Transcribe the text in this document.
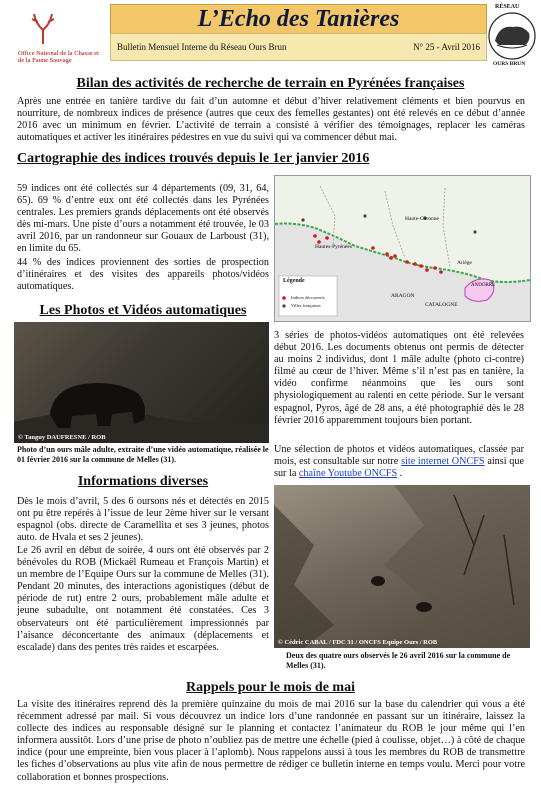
Office National de la Chasse et de la Faune Sauvage
L’Echo des Tanières
Bulletin Mensuel Interne du Réseau Ours Brun	N° 25 - Avril 2016
RÉSEAU
OURS BRUN
Bilan des activités de recherche de terrain en Pyrénées françaises
Après une entrée en tanière tardive du fait d’un automne et début d’hiver relativement cléments et bien pourvus en nourriture, de nombreux indices de présence (autres que ceux des femelles gestantes) ont été relevés en ce début d’année 2016 avec un minimum en février. L’activité de terrain a consisté à vérifier des témoignages, replacer les caméras automatiques et activer les itinéraires pédestres en vue du suivi qui va commencer début mai.
Cartographie des indices trouvés depuis le 1er janvier 2016
59 indices ont été collectés sur 4 départements (09, 31, 64, 65). 69 % d’entre eux ont été collectés dans les Pyrénées centrales. Les premiers grands déplacements ont été observés dès mi-mars. Une piste d’ours a notamment été trouvée, le 03 avril 2016, par un randonneur sur Gouaux de Larboust (31), en limite du 65.
44 % des indices proviennent des sorties de prospection d’itinéraires et des visites des appareils photos/vidéos automatiques.
Hautes-Pyrénées
Haute-Garonne
Ariège
ARAGON
CATALOGNE
ANDORRE
Légende
Indices découverts
Villes françaises
Les Photos et Vidéos automatiques
© Tanguy DAUFRESNE / ROB
Photo d’un ours mâle adulte, extraite d’une vidéo automatique, réalisée le 01 février 2016 sur la commune de Melles (31).
3 séries de photos-vidéos automatiques ont été relevées début 2016. Les documents obtenus ont permis de détecter au moins 2 individus, dont 1 mâle adulte (photo ci-contre) filmé au cœur de l’hiver. Même s’il n’est pas en tanière, la vidéo confirme néanmoins que les ours sont physiologiquement au ralenti en cette période. Sur le versant espagnol, Pyros, âgé de 28 ans, a été photographié dès le 28 février 2016 apparemment toujours bien portant.
Une sélection de photos et vidéos automatiques, classée par mois, est consultable sur notre site internet ONCFS ainsi que sur la chaîne Youtube ONCFS .
Informations diverses
Dès le mois d’avril, 5 des 6 oursons nés et détectés en 2015 ont pu être repérés à l’issue de leur 2ème hiver sur le versant espagnol (obs. directe de Caramellita et ses 3 jeunes, photos auto. de Hvala et ses 2 jeunes).
Le 26 avril en début de soirée, 4 ours ont été observés par 2 bénévoles du ROB (Mickaël Rumeau et François Martin) et un membre de l’Equipe Ours sur la commune de Melles (31). Pendant 20 minutes, des interactions agonistiques (début de période de rut) entre 2 ours, probablement mâle adulte et jeune subadulte, ont notamment été constatées. Ces 3 observateurs ont été particulièrement impressionnés par l’aisance déconcertante des animaux (déplacements et escalade) dans des pentes très raides et escarpées.	© Cédric CABAL / FDC 31 / ONCFS Equipe Ours / ROB
Deux des quatre ours observés le 26 avril 2016 sur la commune de Melles (31).
Rappels pour le mois de mai
La visite des itinéraires reprend dès la première quinzaine du mois de mai 2016 sur la base du calendrier qui vous a été récemment adressé par mail. Si vous découvrez un indice lors d’une randonnée en passant sur un itinéraire, laissez la collecte des indices au responsable désigné sur le planning et contactez l’animateur du ROB le jour même qui l’en informera aussitôt. Lors d’une prise de photo n’oubliez pas de mettre une échelle (pied à coulisse, objet…) à côté de chaque indice (pour une empreinte, bien vous placer à l’aplomb). Nous rappelons aussi à tous les membres du ROB de transmettre les fiches d’observations au plus vite afin de nous permettre de rédiger ce bulletin interne en temps voulu. Merci pour votre collaboration et bonnes prospections.
